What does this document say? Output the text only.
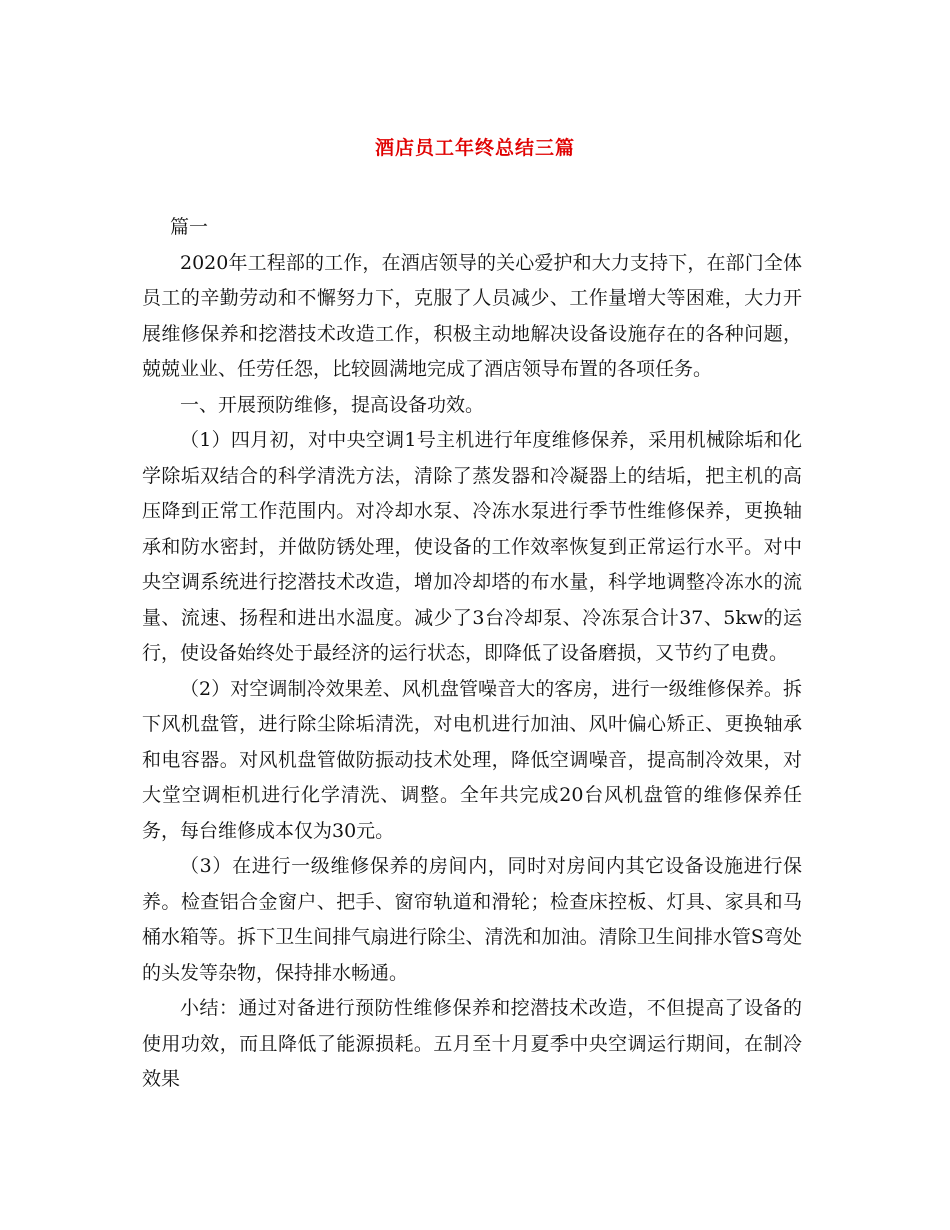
酒店员工年终总结三篇

篇一

2020年工程部的工作，在酒店领导的关心爱护和大力支持下，在部门全体员工的辛勤劳动和不懈努力下，克服了人员减少、工作量增大等困难，大力开展维修保养和挖潜技术改造工作，积极主动地解决设备设施存在的各种问题，兢兢业业、任劳任怨，比较圆满地完成了酒店领导布置的各项任务。

一、开展预防维修，提高设备功效。

（1）四月初，对中央空调1号主机进行年度维修保养，采用机械除垢和化学除垢双结合的科学清洗方法，清除了蒸发器和冷凝器上的结垢，把主机的高压降到正常工作范围内。对冷却水泵、冷冻水泵进行季节性维修保养，更换轴承和防水密封，并做防锈处理，使设备的工作效率恢复到正常运行水平。对中央空调系统进行挖潜技术改造，增加冷却塔的布水量，科学地调整冷冻水的流量、流速、扬程和进出水温度。减少了3台冷却泵、冷冻泵合计37、5kw的运行，使设备始终处于最经济的运行状态，即降低了设备磨损，又节约了电费。

（2）对空调制冷效果差、风机盘管噪音大的客房，进行一级维修保养。拆下风机盘管，进行除尘除垢清洗，对电机进行加油、风叶偏心矫正、更换轴承和电容器。对风机盘管做防振动技术处理，降低空调噪音，提高制冷效果，对大堂空调柜机进行化学清洗、调整。全年共完成20台风机盘管的维修保养任务，每台维修成本仅为30元。

（3）在进行一级维修保养的房间内，同时对房间内其它设备设施进行保养。检查铝合金窗户、把手、窗帘轨道和滑轮；检查床控板、灯具、家具和马桶水箱等。拆下卫生间排气扇进行除尘、清洗和加油。清除卫生间排水管S弯处的头发等杂物，保持排水畅通。

小结：通过对备进行预防性维修保养和挖潜技术改造，不但提高了设备的使用功效，而且降低了能源损耗。五月至十月夏季中央空调运行期间，在制冷效果
